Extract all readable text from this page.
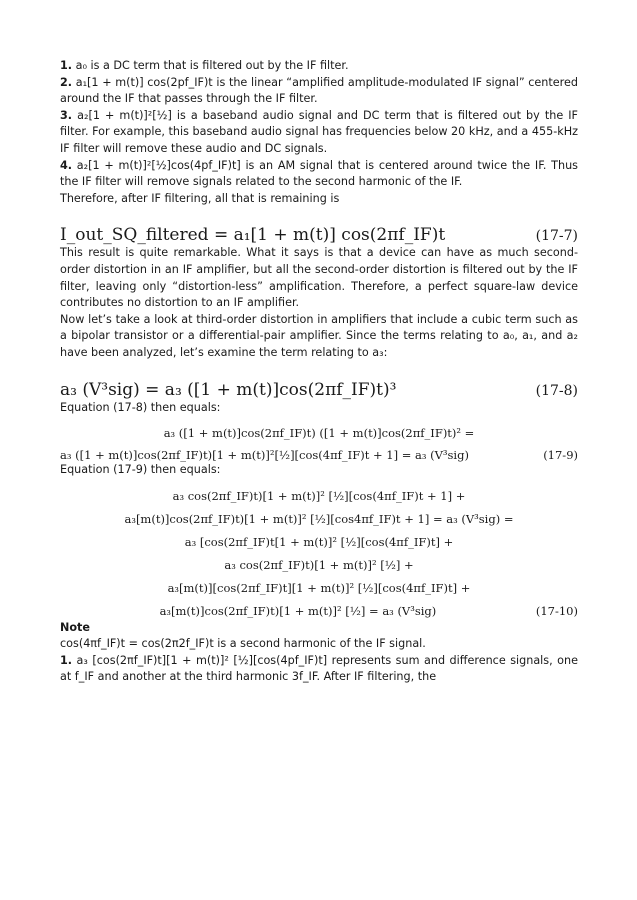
1. a₀ is a DC term that is filtered out by the IF filter.

2. a₁[1 + m(t)] cos(2pf_IF)t is the linear “amplified amplitude-modulated IF signal” centered around the IF that passes through the IF filter.

3. a₂[1 + m(t)]²[½] is a baseband audio signal and DC term that is filtered out by the IF filter. For example, this baseband audio signal has frequencies below 20 kHz, and a 455-kHz IF filter will remove these audio and DC signals.

4. a₂[1 + m(t)]²[½]cos(4pf_IF)t] is an AM signal that is centered around twice the IF. Thus the IF filter will remove signals related to the second harmonic of the IF.

Therefore, after IF filtering, all that is remaining is

I_out_SQ_filtered = a₁[1 + m(t)] cos(2πf_IF)t	(17-7)

This result is quite remarkable. What it says is that a device can have as much second-order distortion in an IF amplifier, but all the second-order distortion is filtered out by the IF filter, leaving only “distortion-less” amplification. Therefore, a perfect square-law device contributes no distortion to an IF amplifier.

Now let’s take a look at third-order distortion in amplifiers that include a cubic term such as a bipolar transistor or a differential-pair amplifier. Since the terms relating to a₀, a₁, and a₂ have been analyzed, let’s examine the term relating to a₃:

a₃ (V³sig) = a₃ ([1 + m(t)]cos(2πf_IF)t)³	(17-8)

Equation (17-8) then equals:

a₃ ([1 + m(t)]cos(2πf_IF)t) ([1 + m(t)]cos(2πf_IF)t)² =
a₃ ([1 + m(t)]cos(2πf_IF)t)[1 + m(t)]²[½][cos(4πf_IF)t + 1] = a₃ (V³sig)	(17-9)

Equation (17-9) then equals:

a₃ cos(2πf_IF)t)[1 + m(t)]² [½][cos(4πf_IF)t + 1] +
a₃[m(t)]cos(2πf_IF)t)[1 + m(t)]² [½][cos4πf_IF)t + 1] = a₃ (V³sig) =
a₃ [cos(2πf_IF)t[1 + m(t)]² [½][cos(4πf_IF)t] +
a₃ cos(2πf_IF)t)[1 + m(t)]² [½] +
a₃[m(t)][cos(2πf_IF)t][1 + m(t)]² [½][cos(4πf_IF)t] +
a₃[m(t)]cos(2πf_IF)t)[1 + m(t)]² [½] = a₃ (V³sig)	(17-10)

Note

cos(4πf_IF)t = cos(2π2f_IF)t is a second harmonic of the IF signal.

1. a₃ [cos(2πf_IF)t][1 + m(t)]² [½][cos(4pf_IF)t] represents sum and difference signals, one at f_IF and another at the third harmonic 3f_IF. After IF filtering, the
